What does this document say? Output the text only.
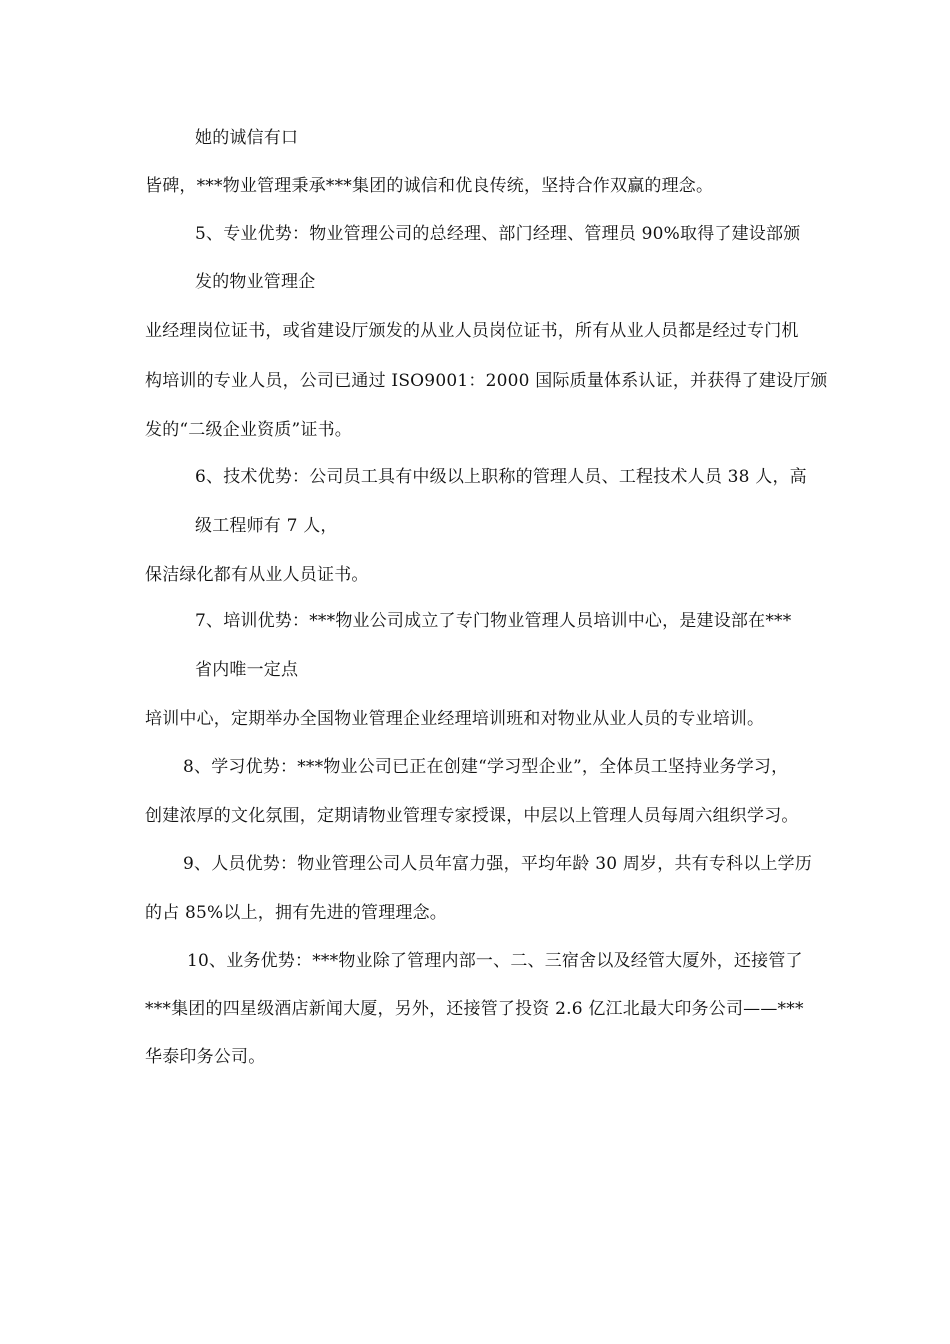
她的诚信有口
皆碑，***物业管理秉承***集团的诚信和优良传统，坚持合作双赢的理念。
5、专业优势：物业管理公司的总经理、部门经理、管理员 90%取得了建设部颁
发的物业管理企
业经理岗位证书，或省建设厅颁发的从业人员岗位证书，所有从业人员都是经过专门机
构培训的专业人员，公司已通过 ISO9001：2000 国际质量体系认证，并获得了建设厅颁
发的“二级企业资质”证书。
6、技术优势：公司员工具有中级以上职称的管理人员、工程技术人员 38 人，高
级工程师有 7 人，
保洁绿化都有从业人员证书。
7、培训优势：***物业公司成立了专门物业管理人员培训中心，是建设部在***
省内唯一定点
培训中心，定期举办全国物业管理企业经理培训班和对物业从业人员的专业培训。
8、学习优势：***物业公司已正在创建“学习型企业”，全体员工坚持业务学习，
创建浓厚的文化氛围，定期请物业管理专家授课，中层以上管理人员每周六组织学习。
9、人员优势：物业管理公司人员年富力强，平均年龄 30 周岁，共有专科以上学历
的占 85%以上，拥有先进的管理理念。
10、业务优势：***物业除了管理内部一、二、三宿舍以及经管大厦外，还接管了
***集团的四星级酒店新闻大厦，另外，还接管了投资 2.6 亿江北最大印务公司——***
华泰印务公司。
